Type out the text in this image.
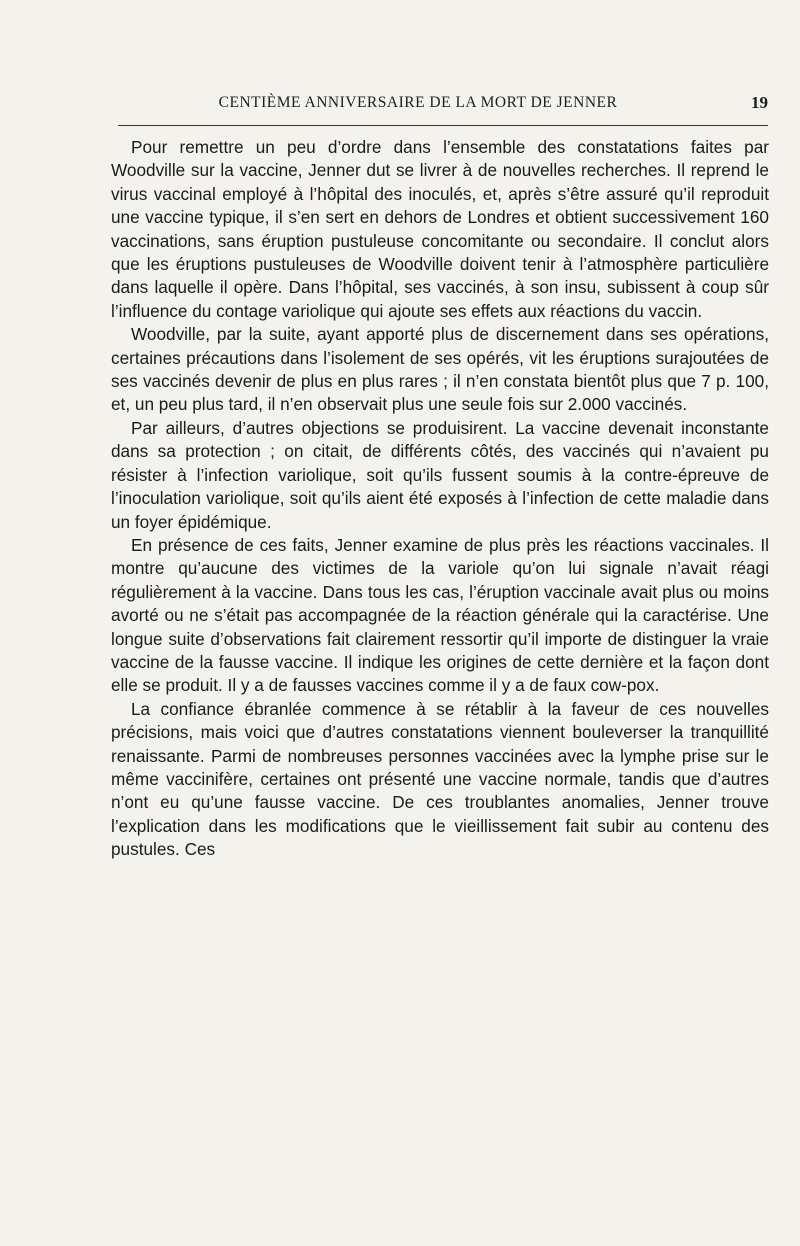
CENTIÈME ANNIVERSAIRE DE LA MORT DE JENNER	19

Pour remettre un peu d’ordre dans l’ensemble des constatations faites par Woodville sur la vaccine, Jenner dut se livrer à de nouvelles recherches. Il reprend le virus vaccinal employé à l’hôpital des inoculés, et, après s’être assuré qu’il reproduit une vaccine typique, il s’en sert en dehors de Londres et obtient successivement 160 vaccinations, sans éruption pustuleuse concomitante ou secondaire. Il conclut alors que les éruptions pustuleuses de Woodville doivent tenir à l’atmosphère particulière dans laquelle il opère. Dans l’hôpital, ses vaccinés, à son insu, subissent à coup sûr l’influence du contage variolique qui ajoute ses effets aux réactions du vaccin.

Woodville, par la suite, ayant apporté plus de discernement dans ses opérations, certaines précautions dans l’isolement de ses opérés, vit les éruptions surajoutées de ses vaccinés devenir de plus en plus rares ; il n’en constata bientôt plus que 7 p. 100, et, un peu plus tard, il n’en observait plus une seule fois sur 2.000 vaccinés.

Par ailleurs, d’autres objections se produisirent. La vaccine devenait inconstante dans sa protection ; on citait, de différents côtés, des vaccinés qui n’avaient pu résister à l’infection variolique, soit qu’ils fussent soumis à la contre-épreuve de l’inoculation variolique, soit qu’ils aient été exposés à l’infection de cette maladie dans un foyer épidémique.

En présence de ces faits, Jenner examine de plus près les réactions vaccinales. Il montre qu’aucune des victimes de la variole qu’on lui signale n’avait réagi régulièrement à la vaccine. Dans tous les cas, l’éruption vaccinale avait plus ou moins avorté ou ne s’était pas accompagnée de la réaction générale qui la caractérise. Une longue suite d’observations fait clairement ressortir qu’il importe de distinguer la vraie vaccine de la fausse vaccine. Il indique les origines de cette dernière et la façon dont elle se produit. Il y a de fausses vaccines comme il y a de faux cow-pox.

La confiance ébranlée commence à se rétablir à la faveur de ces nouvelles précisions, mais voici que d’autres constatations viennent bouleverser la tranquillité renaissante. Parmi de nombreuses personnes vaccinées avec la lymphe prise sur le même vaccinifère, certaines ont présenté une vaccine normale, tandis que d’autres n’ont eu qu’une fausse vaccine. De ces troublantes anomalies, Jenner trouve l’explication dans les modifications que le vieillissement fait subir au contenu des pustules. Ces
